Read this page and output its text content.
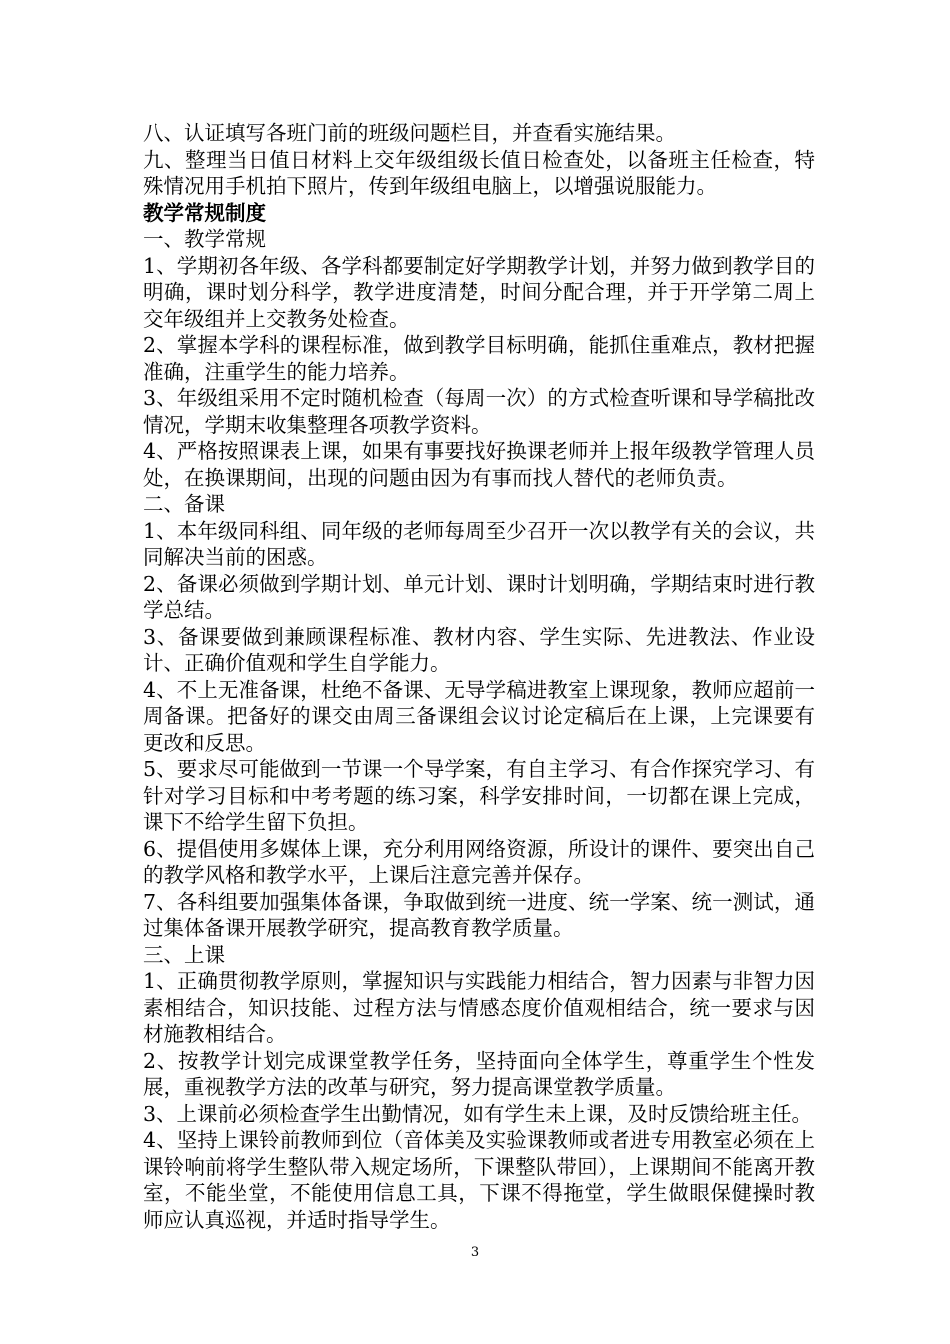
八、认证填写各班门前的班级问题栏目，并查看实施结果。

九、整理当日值日材料上交年级组级长值日检查处，以备班主任检查，特殊情况用手机拍下照片，传到年级组电脑上，以增强说服能力。

教学常规制度

一、教学常规

1、学期初各年级、各学科都要制定好学期教学计划，并努力做到教学目的明确，课时划分科学，教学进度清楚，时间分配合理，并于开学第二周上交年级组并上交教务处检查。

2、掌握本学科的课程标准，做到教学目标明确，能抓住重难点，教材把握准确，注重学生的能力培养。

3、年级组采用不定时随机检查（每周一次）的方式检查听课和导学稿批改情况，学期末收集整理各项教学资料。

4、严格按照课表上课，如果有事要找好换课老师并上报年级教学管理人员处，在换课期间，出现的问题由因为有事而找人替代的老师负责。

二、备课

1、本年级同科组、同年级的老师每周至少召开一次以教学有关的会议，共同解决当前的困惑。

2、备课必须做到学期计划、单元计划、课时计划明确，学期结束时进行教学总结。

3、备课要做到兼顾课程标准、教材内容、学生实际、先进教法、作业设计、正确价值观和学生自学能力。

4、不上无准备课，杜绝不备课、无导学稿进教室上课现象，教师应超前一周备课。把备好的课交由周三备课组会议讨论定稿后在上课，上完课要有更改和反思。

5、要求尽可能做到一节课一个导学案，有自主学习、有合作探究学习、有针对学习目标和中考考题的练习案，科学安排时间，一切都在课上完成，课下不给学生留下负担。

6、提倡使用多媒体上课，充分利用网络资源，所设计的课件、要突出自己的教学风格和教学水平，上课后注意完善并保存。

7、各科组要加强集体备课，争取做到统一进度、统一学案、统一测试，通过集体备课开展教学研究，提高教育教学质量。

三、上课

1、正确贯彻教学原则，掌握知识与实践能力相结合，智力因素与非智力因素相结合，知识技能、过程方法与情感态度价值观相结合，统一要求与因材施教相结合。

2、按教学计划完成课堂教学任务，坚持面向全体学生，尊重学生个性发展，重视教学方法的改革与研究，努力提高课堂教学质量。

3、上课前必须检查学生出勤情况，如有学生未上课，及时反馈给班主任。

4、坚持上课铃前教师到位（音体美及实验课教师或者进专用教室必须在上课铃响前将学生整队带入规定场所，下课整队带回），上课期间不能离开教室，不能坐堂，不能使用信息工具，下课不得拖堂，学生做眼保健操时教师应认真巡视，并适时指导学生。

3
